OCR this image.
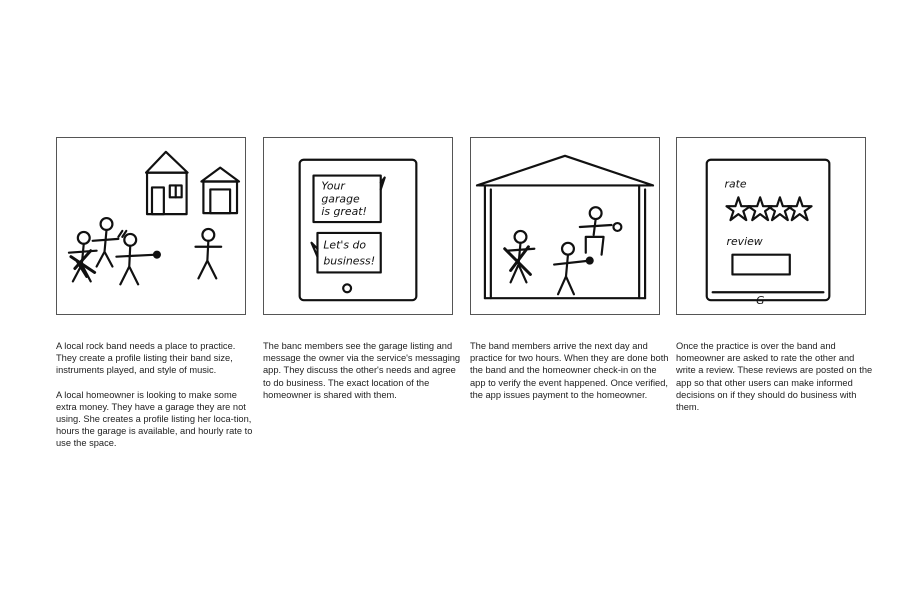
A local rock band needs a place to practice. They create a profile listing their band size, instruments played, and style of music.

A local homeowner is looking to make some extra money. They have a garage they are not using. She creates a profile listing her loca-tion, hours the garage is available, and hourly rate to use the space.

Your
garage
is great!
Let's do
business!

The banc members see the garage listing and message the owner via the service's messaging app. They discuss the other's needs and agree to do business. The exact location of the homeowner is shared with them.

The band members arrive the next day and practice for two hours. When they are done both the band and the homeowner check-in on the app to verify the event happened. Once verified, the app issues payment to the homeowner.

rate
review
G

Once the practice is over the band and homeowner are asked to rate the other and write a review. These reviews are posted on the app so that other users can make informed decisions on if they should do business with them.
